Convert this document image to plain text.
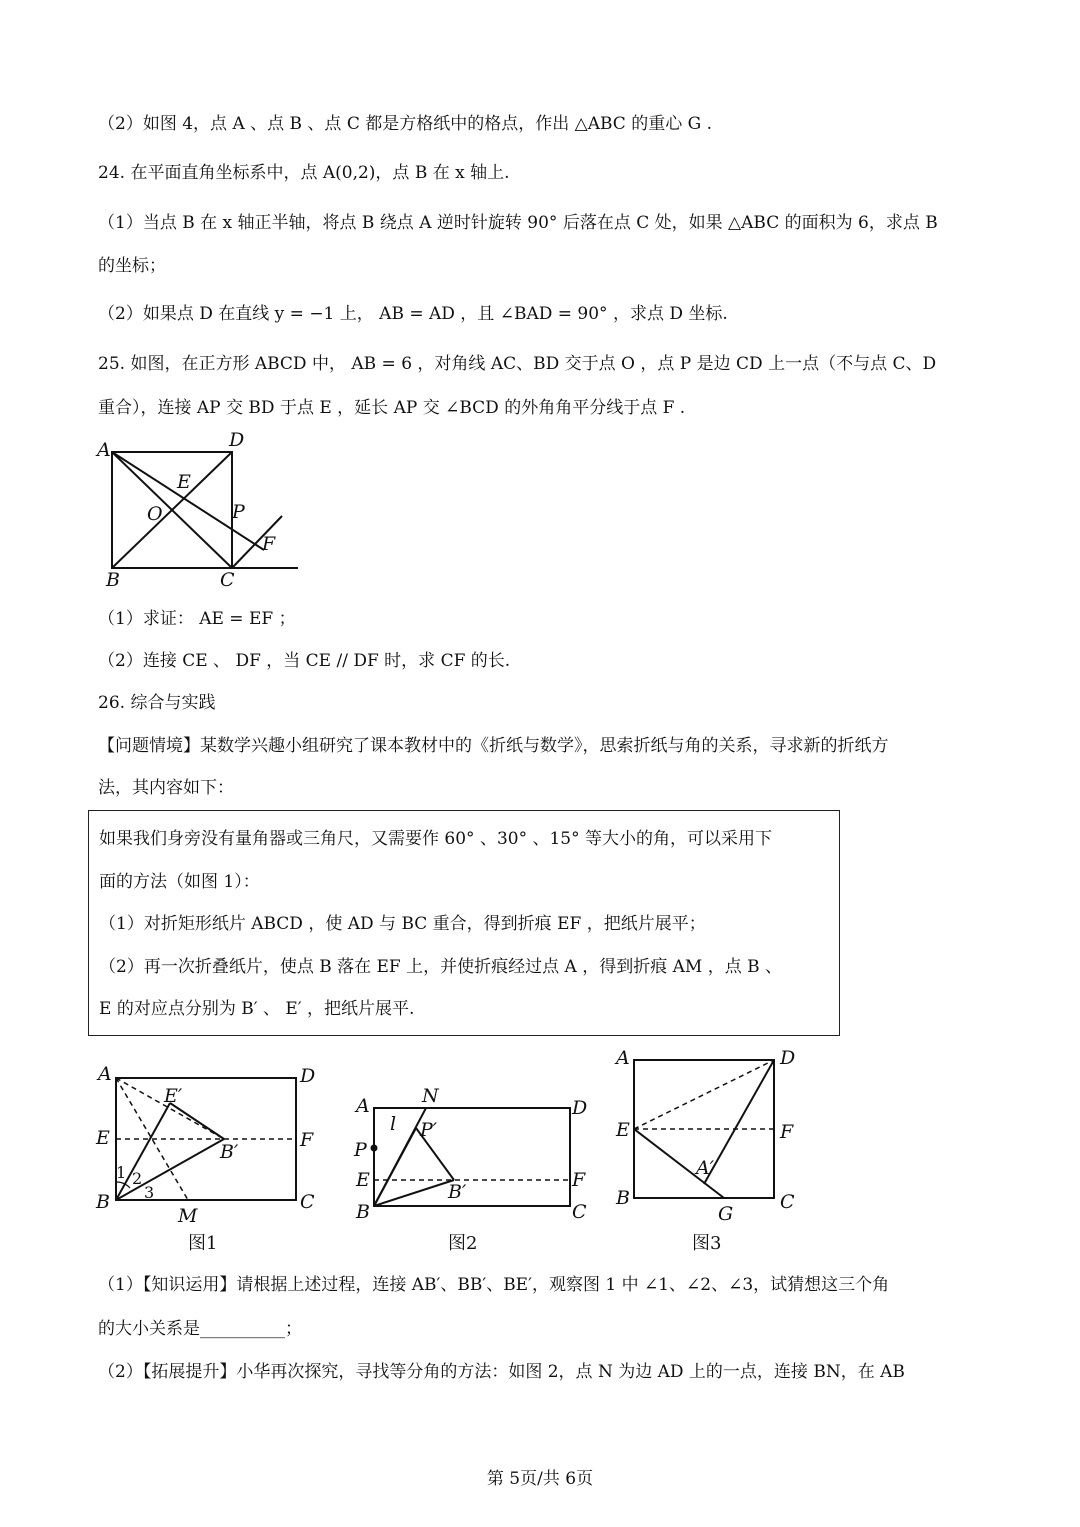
（2）如图 4，点 A 、点 B 、点 C 都是方格纸中的格点，作出 △ABC 的重心 G .
24. 在平面直角坐标系中，点 A(0,2)，点 B 在 x 轴上.
（1）当点 B 在 x 轴正半轴，将点 B 绕点 A 逆时针旋转 90° 后落在点 C 处，如果 △ABC 的面积为 6，求点 B
的坐标；
（2）如果点 D 在直线 y = −1 上， AB = AD ，且 ∠BAD = 90° ，求点 D 坐标.
25. 如图，在正方形 ABCD 中， AB = 6 ，对角线 AC、BD 交于点 O ，点 P 是边 CD 上一点（不与点 C、D
重合），连接 AP 交 BD 于点 E ，延长 AP 交 ∠BCD 的外角角平分线于点 F .
A	D
E
O	P
F
B	C
（1）求证： AE = EF ；
（2）连接 CE 、 DF ，当 CE // DF 时，求 CF 的长.
26. 综合与实践
【问题情境】某数学兴趣小组研究了课本教材中的《折纸与数学》，思索折纸与角的关系，寻求新的折纸方
法，其内容如下：
如果我们身旁没有量角器或三角尺，又需要作 60° 、30° 、15° 等大小的角，可以采用下
面的方法（如图 1）：
（1）对折矩形纸片 ABCD ，使 AD 与 BC 重合，得到折痕 EF ，把纸片展平；
（2）再一次折叠纸片，使点 B 落在 EF 上，并使折痕经过点 A ，得到折痕 AM ，点 B 、
E 的对应点分别为 B′ 、 E′ ，把纸片展平.
A	D
E	F
E′
B′
B	C
M
1 2
3
图1
A	N
D
l P′
P
E	F
B′
B	C
图2
A	D
E	F
A′
B	C
G
图3
（1）【知识运用】请根据上述过程，连接 AB′、BB′、BE′，观察图 1 中 ∠1、∠2、∠3，试猜想这三个角
的大小关系是__________；
（2）【拓展提升】小华再次探究，寻找等分角的方法：如图 2，点 N 为边 AD 上的一点，连接 BN，在 AB
第 5页/共 6页
